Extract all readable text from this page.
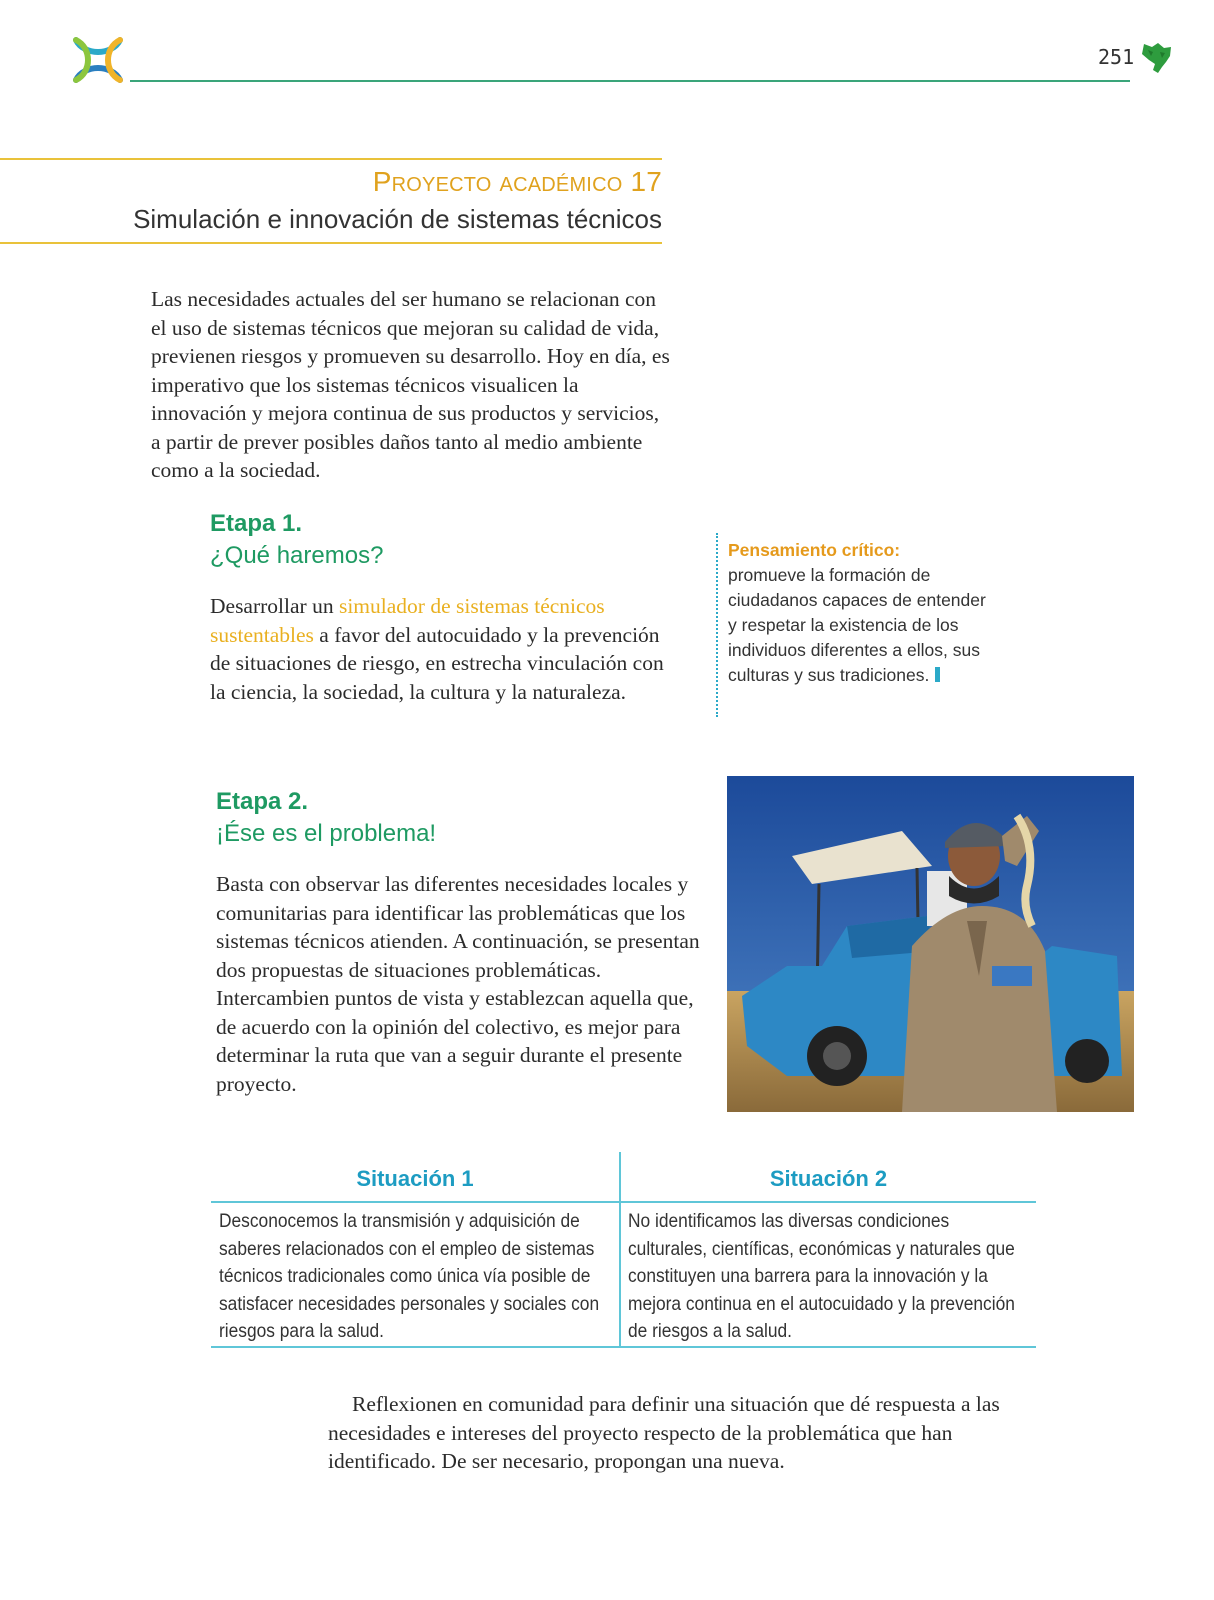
251
Proyecto académico 17
Simulación e innovación de sistemas técnicos
Las necesidades actuales del ser humano se relacionan con el uso de sistemas técnicos que mejoran su calidad de vida, previenen riesgos y promueven su desarrollo. Hoy en día, es imperativo que los sistemas técnicos visualicen la innovación y mejora continua de sus productos y servicios, a partir de prever posibles daños tanto al medio ambiente como a la sociedad.
Etapa 1.
¿Qué haremos?
Desarrollar un simulador de sistemas técnicos sustentables a favor del autocuidado y la prevención de situaciones de riesgo, en estrecha vinculación con la ciencia, la sociedad, la cultura y la naturaleza.
Pensamiento crítico:
promueve la formación de ciudadanos capaces de entender y respetar la existencia de los individuos diferentes a ellos, sus culturas y sus tradiciones.
Etapa 2.
¡Ése es el problema!
Basta con observar las diferentes necesidades locales y comunitarias para identificar las problemáticas que los sistemas técnicos atienden. A continuación, se presentan dos propuestas de situaciones problemáticas. Intercambien puntos de vista y establezcan aquella que, de acuerdo con la opinión del colectivo, es mejor para determinar la ruta que van a seguir durante el presente proyecto.
Situación 1	Situación 2
Desconocemos la transmisión y adquisición de saberes relacionados con el empleo de sistemas técnicos tradicionales como única vía posible de satisfacer necesidades personales y sociales con riesgos para la salud.
No identificamos las diversas condiciones culturales, científicas, económicas y naturales que constituyen una barrera para la innovación y la mejora continua en el autocuidado y la prevención de riesgos a la salud.
Reflexionen en comunidad para definir una situación que dé respuesta a las necesidades e intereses del proyecto respecto de la problemática que han identificado. De ser necesario, propongan una nueva.
